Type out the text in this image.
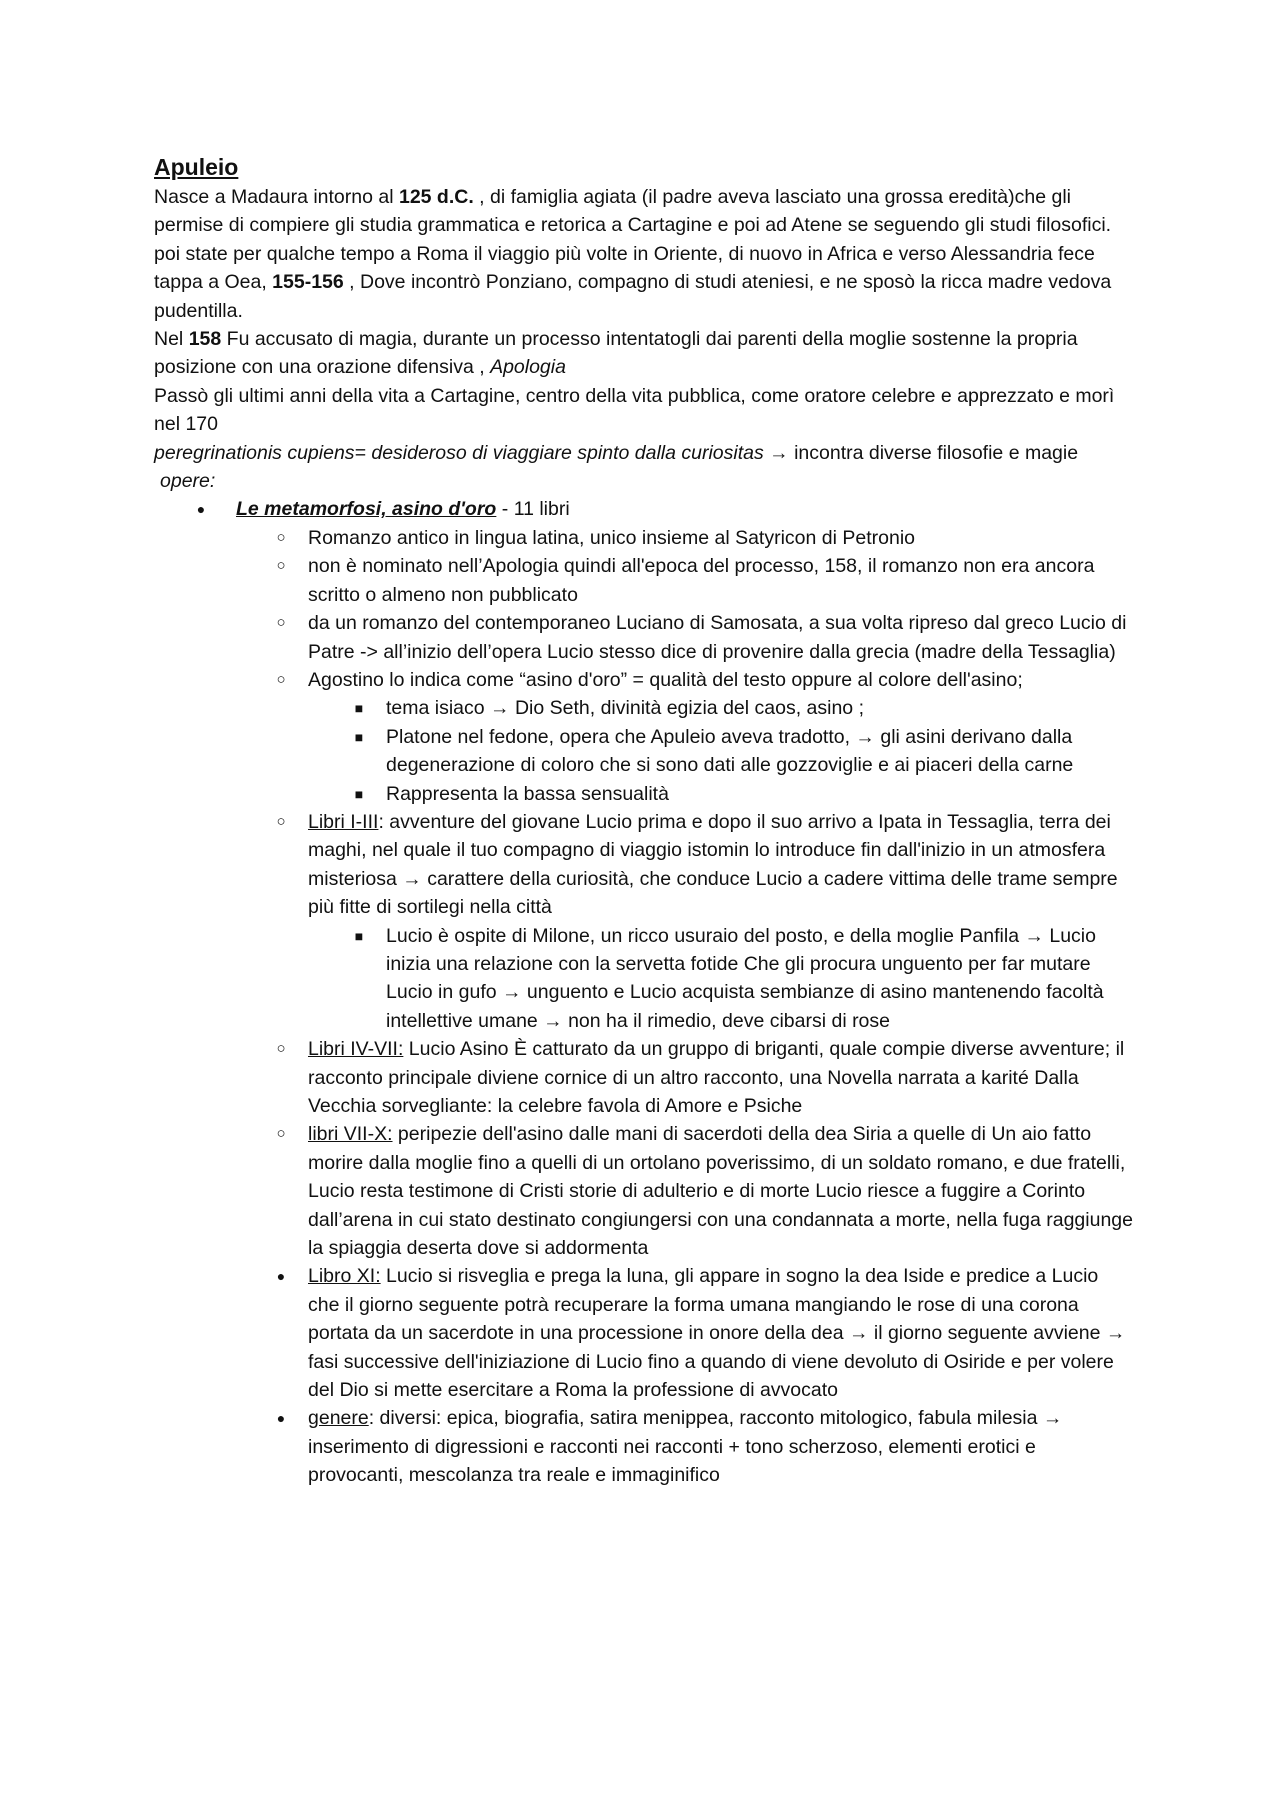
Apuleio

Nasce a Madaura intorno al 125 d.C. , di famiglia agiata (il padre aveva lasciato una grossa eredità)che gli permise di compiere gli studia grammatica e retorica a Cartagine e poi ad Atene se seguendo gli studi filosofici. poi state per qualche tempo a Roma il viaggio più volte in Oriente, di nuovo in Africa e verso Alessandria fece tappa a Oea, 155-156 , Dove incontrò Ponziano, compagno di studi ateniesi, e ne sposò la ricca madre vedova pudentilla.

Nel 158 Fu accusato di magia, durante un processo intentatogli dai parenti della moglie sostenne la propria posizione con una orazione difensiva , Apologia

Passò gli ultimi anni della vita a Cartagine, centro della vita pubblica, come oratore celebre e apprezzato e morì nel 170

peregrinationis cupiens= desideroso di viaggiare spinto dalla curiositas → incontra diverse filosofie e magie

opere:
● Le metamorfosi, asino d'oro - 11 libri
○ Romanzo antico in lingua latina, unico insieme al Satyricon di Petronio
○ non è nominato nell’Apologia quindi all'epoca del processo, 158, il romanzo non era ancora scritto o almeno non pubblicato
○ da un romanzo del contemporaneo Luciano di Samosata, a sua volta ripreso dal greco Lucio di Patre -> all’inizio dell’opera Lucio stesso dice di provenire dalla grecia (madre della Tessaglia)
○ Agostino lo indica come “asino d'oro” = qualità del testo oppure al colore dell'asino;
■ tema isiaco → Dio Seth, divinità egizia del caos, asino ;
■ Platone nel fedone, opera che Apuleio aveva tradotto, → gli asini derivano dalla degenerazione di coloro che si sono dati alle gozzoviglie e ai piaceri della carne
■ Rappresenta la bassa sensualità
○ Libri I-III: avventure del giovane Lucio prima e dopo il suo arrivo a Ipata in Tessaglia, terra dei maghi, nel quale il tuo compagno di viaggio istomin lo introduce fin dall'inizio in un atmosfera misteriosa → carattere della curiosità, che conduce Lucio a cadere vittima delle trame sempre più fitte di sortilegi nella città
■ Lucio è ospite di Milone, un ricco usuraio del posto, e della moglie Panfila → Lucio inizia una relazione con la servetta fotide Che gli procura unguento per far mutare Lucio in gufo → unguento e Lucio acquista sembianze di asino mantenendo facoltà intellettive umane → non ha il rimedio, deve cibarsi di rose
○ Libri IV-VII: Lucio Asino È catturato da un gruppo di briganti, quale compie diverse avventure; il racconto principale diviene cornice di un altro racconto, una Novella narrata a karité Dalla Vecchia sorvegliante: la celebre favola di Amore e Psiche
○ libri VII-X: peripezie dell'asino dalle mani di sacerdoti della dea Siria a quelle di Un aio fatto morire dalla moglie fino a quelli di un ortolano poverissimo, di un soldato romano, e due fratelli, Lucio resta testimone di Cristi storie di adulterio e di morte Lucio riesce a fuggire a Corinto dall’arena in cui stato destinato congiungersi con una condannata a morte, nella fuga raggiunge la spiaggia deserta dove si addormenta
● Libro XI: Lucio si risveglia e prega la luna, gli appare in sogno la dea Iside e predice a Lucio che il giorno seguente potrà recuperare la forma umana mangiando le rose di una corona portata da un sacerdote in una processione in onore della dea → il giorno seguente avviene → fasi successive dell'iniziazione di Lucio fino a quando di viene devoluto di Osiride e per volere del Dio si mette esercitare a Roma la professione di avvocato
● genere: diversi: epica, biografia, satira menippea, racconto mitologico, fabula milesia → inserimento di digressioni e racconti nei racconti + tono scherzoso, elementi erotici e provocanti, mescolanza tra reale e immaginifico
